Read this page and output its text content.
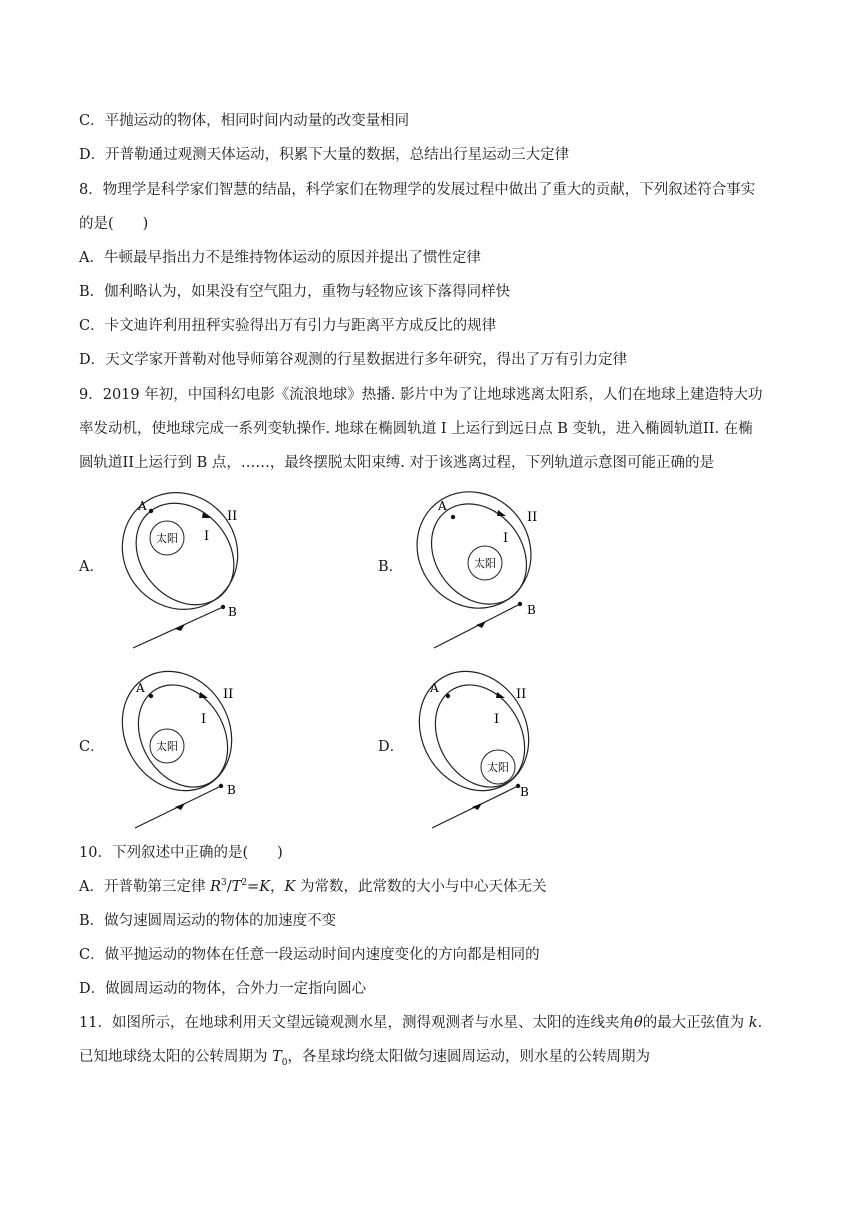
C．平抛运动的物体，相同时间内动量的改变量相同
D．开普勒通过观测天体运动，积累下大量的数据，总结出行星运动三大定律
8．物理学是科学家们智慧的结晶，科学家们在物理学的发展过程中做出了重大的贡献，下列叙述符合事实
的是(　　)
A．牛顿最早指出力不是维持物体运动的原因并提出了惯性定律
B．伽利略认为，如果没有空气阻力，重物与轻物应该下落得同样快
C．卡文迪许利用扭秤实验得出万有引力与距离平方成反比的规律
D．天文学家开普勒对他导师第谷观测的行星数据进行多年研究，得出了万有引力定律
9．2019 年初，中国科幻电影《流浪地球》热播. 影片中为了让地球逃离太阳系，人们在地球上建造特大功
率发动机，使地球完成一系列变轨操作. 地球在椭圆轨道 I 上运行到远日点 B 变轨，进入椭圆轨道II. 在椭
圆轨道II上运行到 B 点，……，最终摆脱太阳束缚. 对于该逃离过程，下列轨道示意图可能正确的是
A．
太阳
A
B
I
II
B．	太阳
A
B
I
II
C．	太阳
A
B
I
II
D．
太阳
A
B
I
II
10．下列叙述中正确的是(　　)
A．开普勒第三定律 $R^3/T^2=K$，K 为常数，此常数的大小与中心天体无关
B．做匀速圆周运动的物体的加速度不变
C．做平抛运动的物体在任意一段运动时间内速度变化的方向都是相同的
D．做圆周运动的物体，合外力一定指向圆心
11．如图所示，在地球利用天文望远镜观测水星，测得观测者与水星、太阳的连线夹角θ的最大正弦值为 k.
已知地球绕太阳的公转周期为 $T_0$，各星球均绕太阳做匀速圆周运动，则水星的公转周期为
